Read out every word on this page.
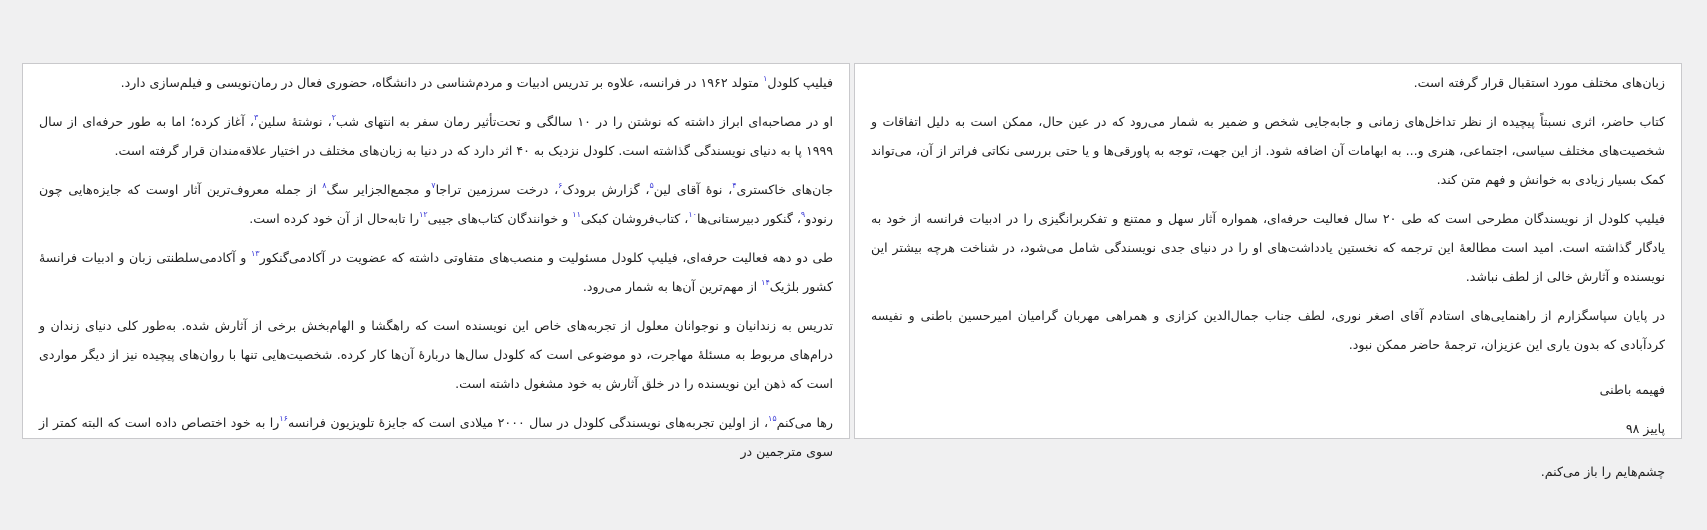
فیلیپ کلودل$^۱$ متولد ۱۹۶۲ در فرانسه، علاوه بر تدریس ادبیات و مردم‌شناسی در دانشگاه، حضوری فعال در رمان‌نویسی و فیلم‌سازی دارد.

او در مصاحبه‌ای ابراز داشته که نوشتن را در ۱۰ سالگی و تحت‌تأثیر رمان سفر به انتهای شب$^۲$، نوشتهٔ سلین$^۳$، آغاز کرده؛ اما به طور حرفه‌ای از سال ۱۹۹۹ پا به دنیای نویسندگی گذاشته است. کلودل نزدیک به ۴۰ اثر دارد که در دنیا به زبان‌های مختلف در اختیار علاقه‌مندان قرار گرفته است.

جان‌های خاکستری$^۴$، نوهٔ آقای لین$^۵$، گزارش برودک$^۶$، درخت سرزمین تراجا$^۷$و مجمع‌الجزایر سگ$^۸$ از جمله معروف‌ترین آثار اوست که جایزه‌هایی چون رنودو$^۹$، گنکور دبیرستانی‌ها$^{۱۰}$، کتاب‌فروشان کبکی$^{۱۱}$ و خوانندگان کتاب‌های جیبی$^{۱۲}$را تابه‌حال از آن خود کرده است.

طی دو دهه فعالیت حرفه‌ای، فیلیپ کلودل مسئولیت و منصب‌های متفاوتی داشته که عضویت در آکادمی‌گنکور$^{۱۳}$ و آکادمی‌سلطنتی زبان و ادبیات فرانسهٔ کشور بلژیک$^{۱۴}$ از مهم‌ترین آن‌ها به شمار می‌رود.

تدریس به زندانیان و نوجوانان معلول از تجربه‌های خاص این نویسنده است که راهگشا و الهام‌بخش برخی از آثارش شده. به‌طور کلی دنیای زندان و درام‌های مربوط به مسئلهٔ مهاجرت، دو موضوعی است که کلودل سال‌ها دربارهٔ آن‌ها کار کرده. شخصیت‌هایی تنها با روان‌های پیچیده نیز از دیگر مواردی است که ذهن این نویسنده را در خلق آثارش به خود مشغول داشته است.

رها می‌کنم$^{۱۵}$، از اولین تجربه‌های نویسندگی کلودل در سال ۲۰۰۰ میلادی است که جایزهٔ تلویزیون فرانسه$^{۱۶}$را به خود اختصاص داده است که البته کمتر از سوی مترجمین در

زبان‌های مختلف مورد استقبال قرار گرفته است.

کتاب حاضر، اثری نسبتاً پیچیده از نظر تداخل‌های زمانی و جابه‌جایی شخص و ضمیر به شمار می‌رود که در عین حال، ممکن است به دلیل اتفاقات و شخصیت‌های مختلف سیاسی، اجتماعی، هنری و... به ابهامات آن اضافه شود. از این جهت، توجه به پاورقی‌ها و یا حتی بررسی نکاتی فراتر از آن، می‌تواند کمک بسیار زیادی به خوانش و فهم متن کند.

فیلیپ کلودل از نویسندگان مطرحی است که طی ۲۰ سال فعالیت حرفه‌ای، همواره آثار سهل و ممتنع و تفکربرانگیزی را در ادبیات فرانسه از خود به یادگار گذاشته است. امید است مطالعهٔ این ترجمه که نخستین یادداشت‌های او را در دنیای جدی نویسندگی شامل می‌شود، در شناخت هرچه بیشتر این نویسنده و آثارش خالی از لطف نباشد.

در پایان سپاسگزارم از راهنمایی‌های استادم آقای اصغر نوری، لطف جناب جمال‌الدین کزازی و همراهی مهربان گرامیان امیرحسین باطنی و نفیسه کردآبادی که بدون یاری این عزیزان، ترجمهٔ حاضر ممکن نبود.

فهیمه باطنی

پاییز ۹۸

چشم‌هایم را باز می‌کنم.
